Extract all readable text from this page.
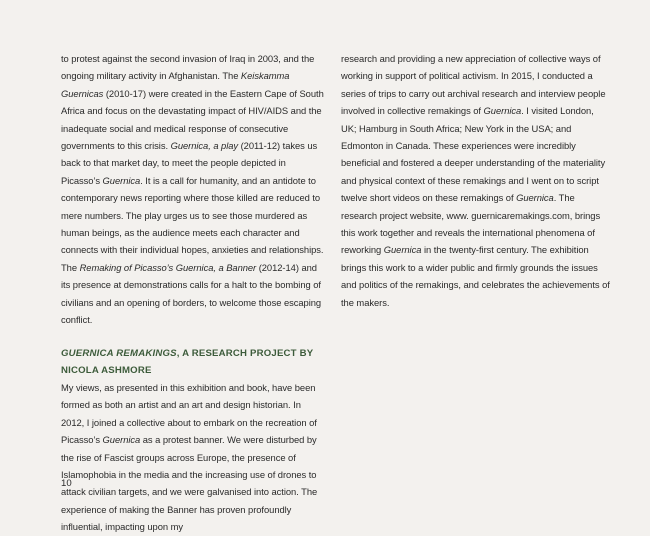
to protest against the second invasion of Iraq in 2003, and the ongoing military activity in Afghanistan. The Keiskamma Guernicas (2010-17) were created in the Eastern Cape of South Africa and focus on the devastating impact of HIV/AIDS and the inadequate social and medical response of consecutive governments to this crisis. Guernica, a play (2011-12) takes us back to that market day, to meet the people depicted in Picasso’s Guernica. It is a call for humanity, and an antidote to contemporary news reporting where those killed are reduced to mere numbers. The play urges us to see those murdered as human beings, as the audience meets each character and connects with their individual hopes, anxieties and relationships. The Remaking of Picasso’s Guernica, a Banner (2012-14) and its presence at demonstrations calls for a halt to the bombing of civilians and an opening of borders, to welcome those escaping conflict.

GUERNICA REMAKINGS, A RESEARCH PROJECT BY NICOLA ASHMORE

My views, as presented in this exhibition and book, have been formed as both an artist and an art and design historian. In 2012, I joined a collective about to embark on the recreation of Picasso’s Guernica as a protest banner. We were disturbed by the rise of Fascist groups across Europe, the presence of Islamophobia in the media and the increasing use of drones to attack civilian targets, and we were galvanised into action. The experience of making the Banner has proven profoundly influential, impacting upon my

research and providing a new appreciation of collective ways of working in support of political activism. In 2015, I conducted a series of trips to carry out archival research and interview people involved in collective remakings of Guernica. I visited London, UK; Hamburg in South Africa; New York in the USA; and Edmonton in Canada. These experiences were incredibly beneficial and fostered a deeper understanding of the materiality and physical context of these remakings and I went on to script twelve short videos on these remakings of Guernica. The research project website, www. guernicaremakings.com, brings this work together and reveals the international phenomena of reworking Guernica in the twenty-first century. The exhibition brings this work to a wider public and firmly grounds the issues and politics of the remakings, and celebrates the achievements of the makers.

10
